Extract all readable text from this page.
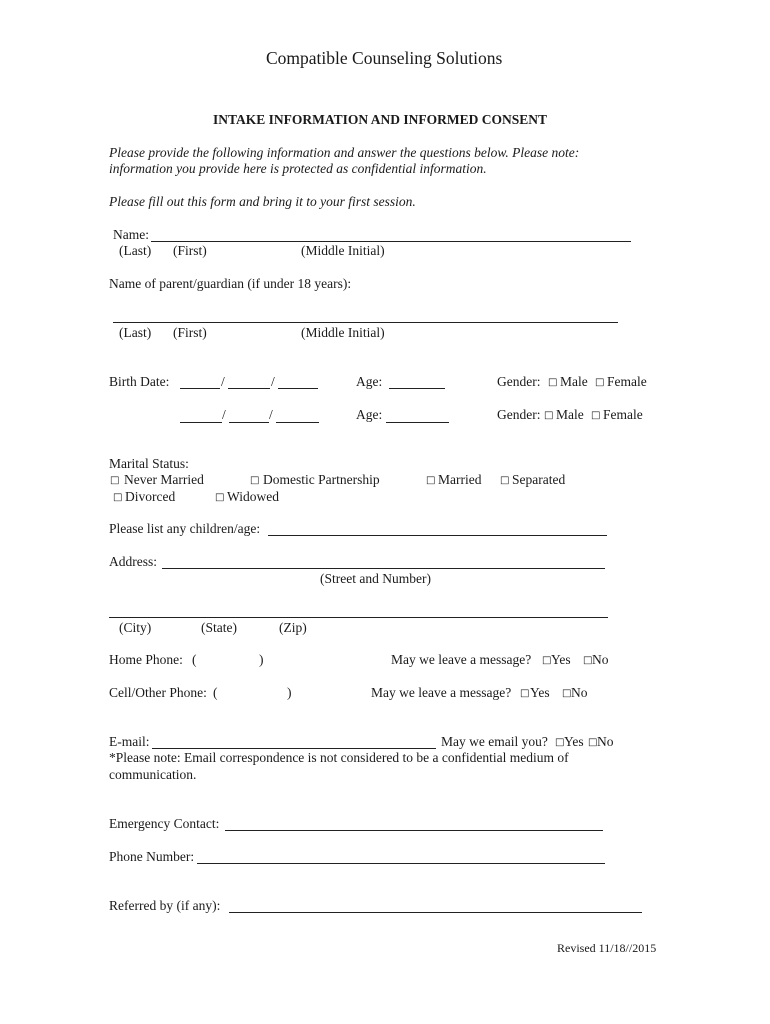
Compatible Counseling Solutions
INTAKE INFORMATION AND INFORMED CONSENT
Please provide the following information and answer the questions below. Please note:
information you provide here is protected as confidential information.
Please fill out this form and bring it to your first session.
Name:
(Last) (First)	(Middle Initial)
Name of parent/guardian (if under 18 years):
(Last) (First)	(Middle Initial)
Birth Date:	/	/	Age:	Gender: □ Male □ Female
/	/	Age:	Gender: □ Male □ Female
Marital Status:
□ Never Married	□ Domestic Partnership	□ Married □ Separated
□ Divorced	□ Widowed
Please list any children/age:
Address:
(Street and Number)
(City)	(State)	(Zip)
Home Phone: (	)	May we leave a message? □ Yes □ No
Cell/Other Phone: (	)	May we leave a message? □ Yes □ No
E-mail:	May we email you? □ Yes □ No
*Please note: Email correspondence is not considered to be a confidential medium of
communication.
Emergency Contact:
Phone Number:
Referred by (if any):
Revised 11/18//2015
